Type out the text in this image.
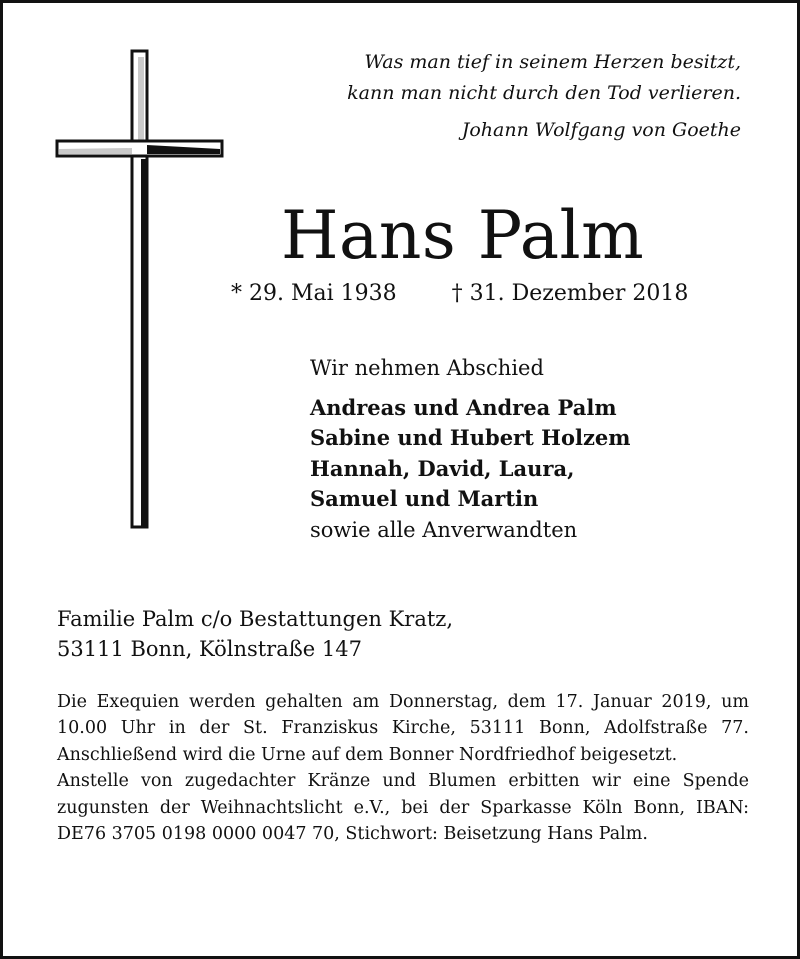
Was man tief in seinem Herzen besitzt,
kann man nicht durch den Tod verlieren.
Johann Wolfgang von Goethe
Hans Palm
* 29. Mai 1938	† 31. Dezember 2018
Wir nehmen Abschied
Andreas und Andrea Palm
Sabine und Hubert Holzem
Hannah, David, Laura,
Samuel und Martin
sowie alle Anverwandten
Familie Palm c/o Bestattungen Kratz,
53111 Bonn, Kölnstraße 147

Die Exequien werden gehalten am Donnerstag, dem 17. Januar 2019, um 10.00 Uhr in der St. Franziskus Kirche, 53111 Bonn, Adolfstraße 77. Anschließend wird die Urne auf dem Bonner Nordfriedhof beigesetzt.

Anstelle von zugedachter Kränze und Blumen erbitten wir eine Spende zugunsten der Weihnachtslicht e.V., bei der Sparkasse Köln Bonn, IBAN: DE76 3705 0198 0000 0047 70, Stichwort: Beisetzung Hans Palm.
